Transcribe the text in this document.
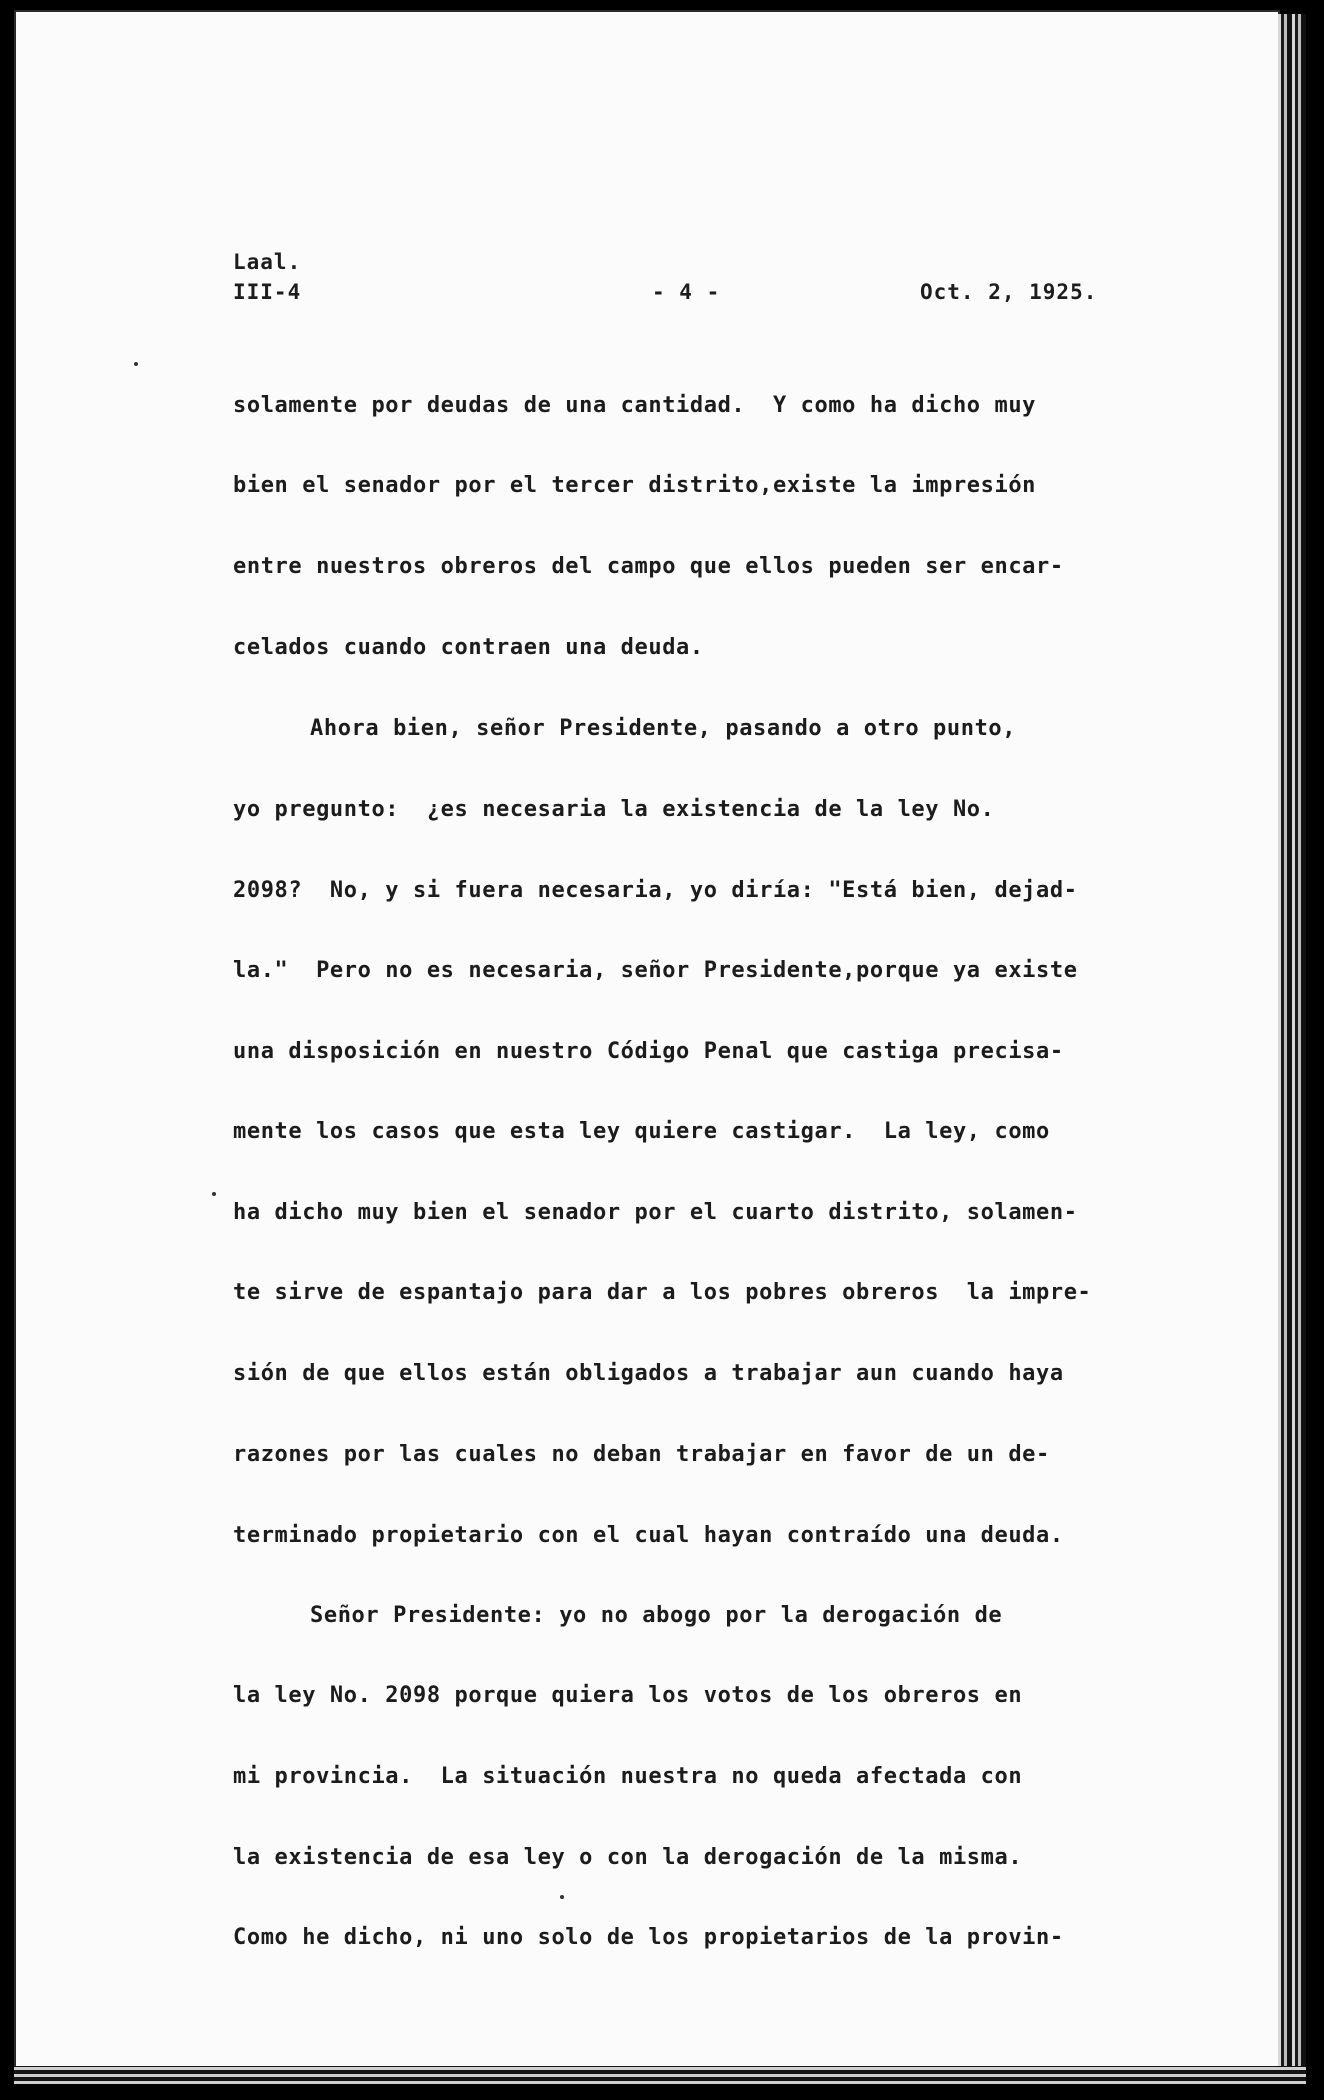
Laal.
III-4	- 4 -	Oct. 2, 1925.
solamente por deudas de una cantidad.  Y como ha dicho muy
bien el senador por el tercer distrito,existe la impresión
entre nuestros obreros del campo que ellos pueden ser encar-
celados cuando contraen una deuda.
Ahora bien, señor Presidente, pasando a otro punto,
yo pregunto:  ¿es necesaria la existencia de la ley No.
2098?  No, y si fuera necesaria, yo diría: "Está bien, dejad-
la."  Pero no es necesaria, señor Presidente,porque ya existe
una disposición en nuestro Código Penal que castiga precisa-
mente los casos que esta ley quiere castigar.  La ley, como
ha dicho muy bien el senador por el cuarto distrito, solamen-
te sirve de espantajo para dar a los pobres obreros  la impre-
sión de que ellos están obligados a trabajar aun cuando haya
razones por las cuales no deban trabajar en favor de un de-
terminado propietario con el cual hayan contraído una deuda.
Señor Presidente: yo no abogo por la derogación de
la ley No. 2098 porque quiera los votos de los obreros en
mi provincia.  La situación nuestra no queda afectada con
la existencia de esa ley o con la derogación de la misma.
Como he dicho, ni uno solo de los propietarios de la provin-
